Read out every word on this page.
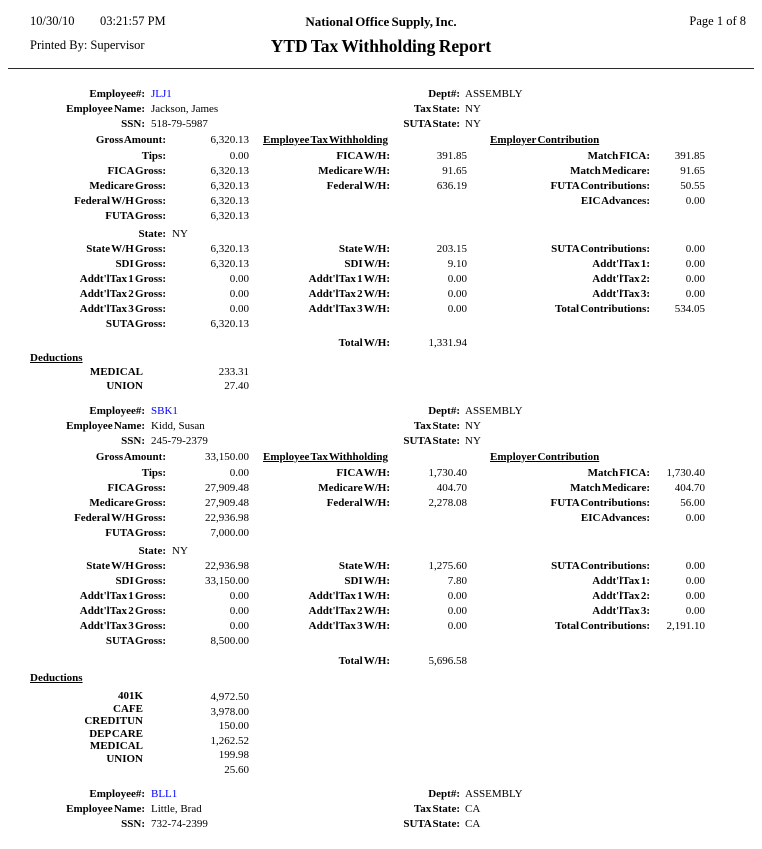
10/30/10 03:21:57 PM	National Office Supply, Inc.	Page 1 of 8
Printed By: Supervisor	YTD Tax Withholding Report
Employee#: JLJ1	Dept#: ASSEMBLY
Employee Name: Jackson, James	Tax State: NY
SSN: 518-79-5987	SUTA State: NY
Gross Amount:	6,320.13 Employee Tax Withholding	Employer Contribution
Tips:	0.00	FICA W/H:	391.85	Match FICA:	391.85
FICA Gross:	6,320.13	Medicare W/H:	91.65	Match Medicare:	91.65
Medicare Gross:	6,320.13	Federal W/H:	636.19	FUTA Contributions:	50.55
Federal W/H Gross:	6,320.13	EIC Advances:	0.00
FUTA Gross:	6,320.13
State: NY
State W/H Gross:	6,320.13	State W/H:	203.15	SUTA Contributions:	0.00
SDI Gross:	6,320.13	SDI W/H:	9.10	Addt'lTax 1:	0.00
Addt'lTax 1 Gross:	0.00	Addt'lTax 1 W/H:	0.00	Addt'lTax 2:	0.00
Addt'lTax 2 Gross:	0.00	Addt'lTax 2 W/H:	0.00	Addt'lTax 3:	0.00
Addt'lTax 3 Gross:	0.00	Addt'lTax 3 W/H:	0.00	Total Contributions:	534.05
SUTA Gross:	6,320.13
Total W/H:	1,331.94
Deductions
MEDICAL	233.31
UNION	27.40
Employee#: SBK1	Dept#: ASSEMBLY
Employee Name: Kidd, Susan	Tax State: NY
SSN: 245-79-2379	SUTA State: NY
Gross Amount:	33,150.00 Employee Tax Withholding	Employer Contribution
Tips:	0.00	FICA W/H:	1,730.40	Match FICA:	1,730.40
FICA Gross:	27,909.48	Medicare W/H:	404.70	Match Medicare:	404.70
Medicare Gross:	27,909.48	Federal W/H:	2,278.08	FUTA Contributions:	56.00
Federal W/H Gross:	22,936.98	EIC Advances:	0.00
FUTA Gross:	7,000.00
State: NY
State W/H Gross:	22,936.98	State W/H:	1,275.60	SUTA Contributions:	0.00
SDI Gross:	33,150.00	SDI W/H:	7.80	Addt'lTax 1:	0.00
Addt'lTax 1 Gross:	0.00	Addt'lTax 1 W/H:	0.00	Addt'lTax 2:	0.00
Addt'lTax 2 Gross:	0.00	Addt'lTax 2 W/H:	0.00	Addt'lTax 3:	0.00
Addt'lTax 3 Gross:	0.00	Addt'lTax 3 W/H:	0.00	Total Contributions:	2,191.10
SUTA Gross:	8,500.00
Total W/H:	5,696.58
Deductions
401K	4,972.50
CAFE	3,978.00
CREDITUN	150.00
DEP CARE
1,262.52
MEDICAL
199.98
UNION
25.60
Employee#: BLL1	Dept#: ASSEMBLY
Employee Name: Little, Brad	Tax State: CA
SSN: 732-74-2399	SUTA State: CA
